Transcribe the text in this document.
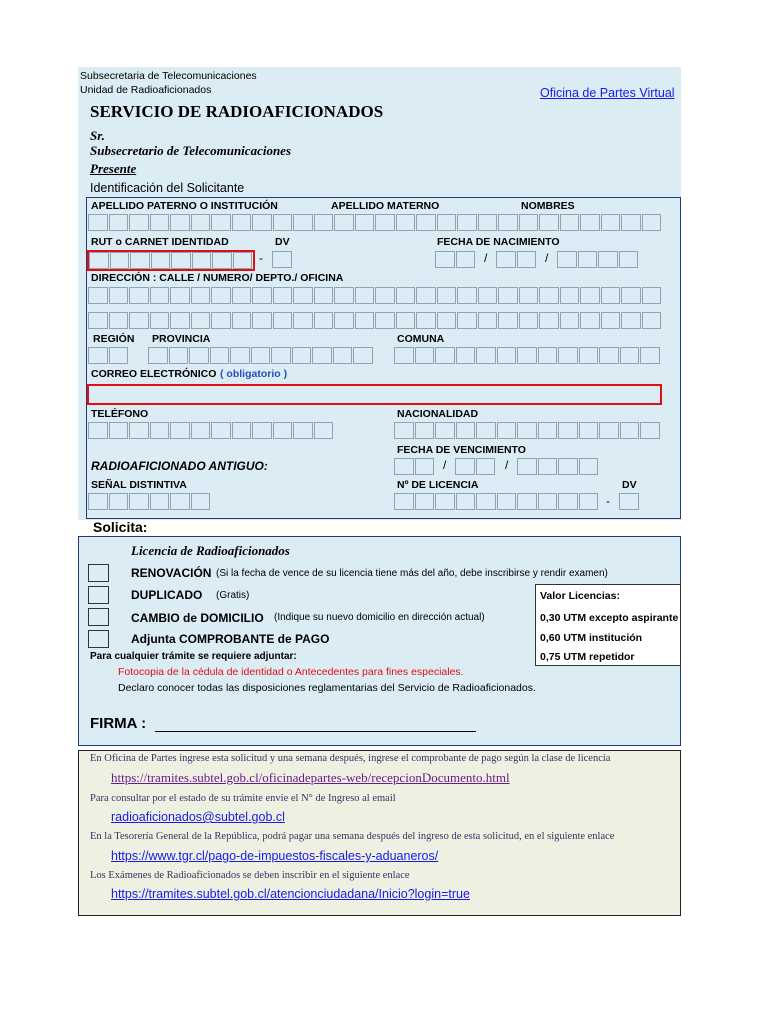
Subsecretaria de Telecomunicaciones
Unidad de Radioaficionados	Oficina de Partes Virtual
SERVICIO DE RADIOAFICIONADOS
Sr.
Subsecretario de Telecomunicaciones
Presente
Identificación del Solicitante
APELLIDO PATERNO O INSTITUCIÓN	APELLIDO MATERNO	NOMBRES
RUT o CARNET IDENTIDAD	DV	FECHA DE NACIMIENTO
-	/	/
DIRECCIÓN : CALLE / NUMERO/ DEPTO./ OFICINA
REGIÓN PROVINCIA	COMUNA
CORREO ELECTRÓNICO ( obligatorio )
TELÉFONO	NACIONALIDAD
FECHA DE VENCIMIENTO
RADIOAFICIONADO ANTIGUO:	/	/
SEÑAL DISTINTIVA	Nº DE LICENCIA	DV
-
Solicita:
Licencia de Radioaficionados
RENOVACIÓN (Si la fecha de vence de su licencia tiene más del año, debe inscribirse y rendir examen)
DUPLICADO (Gratis)
CAMBIO de DOMICILIO (Indique su nuevo domicilio en dirección actual)
Adjunta COMPROBANTE de PAGO
Para cualquier trámite se requiere adjuntar:
Fotocopia de la cédula de identidad o Antecedentes para fines especiales.
Declaro conocer todas las disposiciones reglamentarias del Servicio de Radioaficionados.
Valor Licencias:
0,30 UTM excepto aspirante
0,60 UTM institución
0,75 UTM repetidor
FIRMA :
En Oficina de Partes ingrese esta solicitud y una semana después, ingrese el comprobante de pago según la clase de licencia
https://tramites.subtel.gob.cl/oficinadepartes-web/recepcionDocumento.html
Para consultar por el estado de su trámite envíe el N° de Ingreso al email
radioaficionados@subtel.gob.cl
En la Tesorería General de la República, podrá pagar una semana después del ingreso de esta solicitud, en el siguiente enlace
https://www.tgr.cl/pago-de-impuestos-fiscales-y-aduaneros/
Los Exámenes de Radioaficionados se deben inscribir en el siguiente enlace
https://tramites.subtel.gob.cl/atencionciudadana/Inicio?login=true
